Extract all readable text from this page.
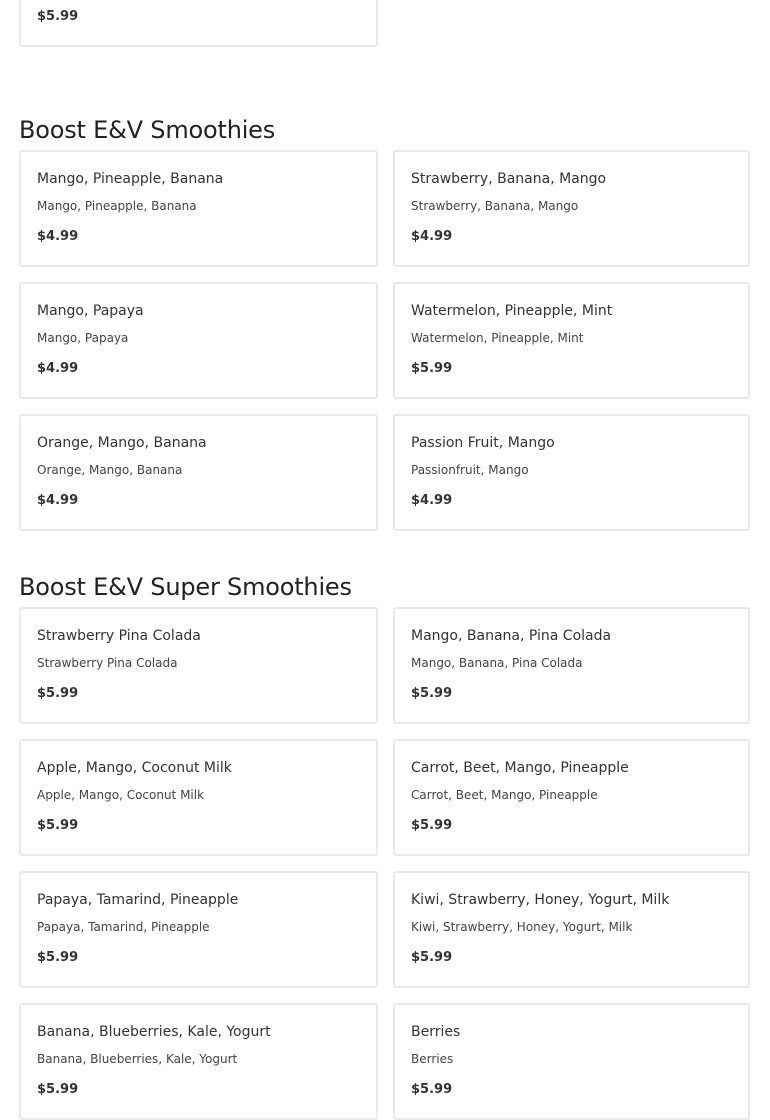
$5.99
Boost E&V Smoothies
Mango, Pineapple, Banana
Mango, Pineapple, Banana
$4.99
Strawberry, Banana, Mango
Strawberry, Banana, Mango
$4.99
Mango, Papaya
Mango, Papaya
$4.99
Watermelon, Pineapple, Mint
Watermelon, Pineapple, Mint
$5.99
Orange, Mango, Banana
Orange, Mango, Banana
$4.99
Passion Fruit, Mango
Passionfruit, Mango
$4.99
Boost E&V Super Smoothies
Strawberry Pina Colada
Strawberry Pina Colada
$5.99
Mango, Banana, Pina Colada
Mango, Banana, Pina Colada
$5.99
Apple, Mango, Coconut Milk
Apple, Mango, Coconut Milk
$5.99
Carrot, Beet, Mango, Pineapple
Carrot, Beet, Mango, Pineapple
$5.99
Papaya, Tamarind, Pineapple
Papaya, Tamarind, Pineapple
$5.99
Kiwi, Strawberry, Honey, Yogurt, Milk
Kiwi, Strawberry, Honey, Yogurt, Milk
$5.99
Banana, Blueberries, Kale, Yogurt
Banana, Blueberries, Kale, Yogurt
$5.99
Berries
Berries
$5.99
